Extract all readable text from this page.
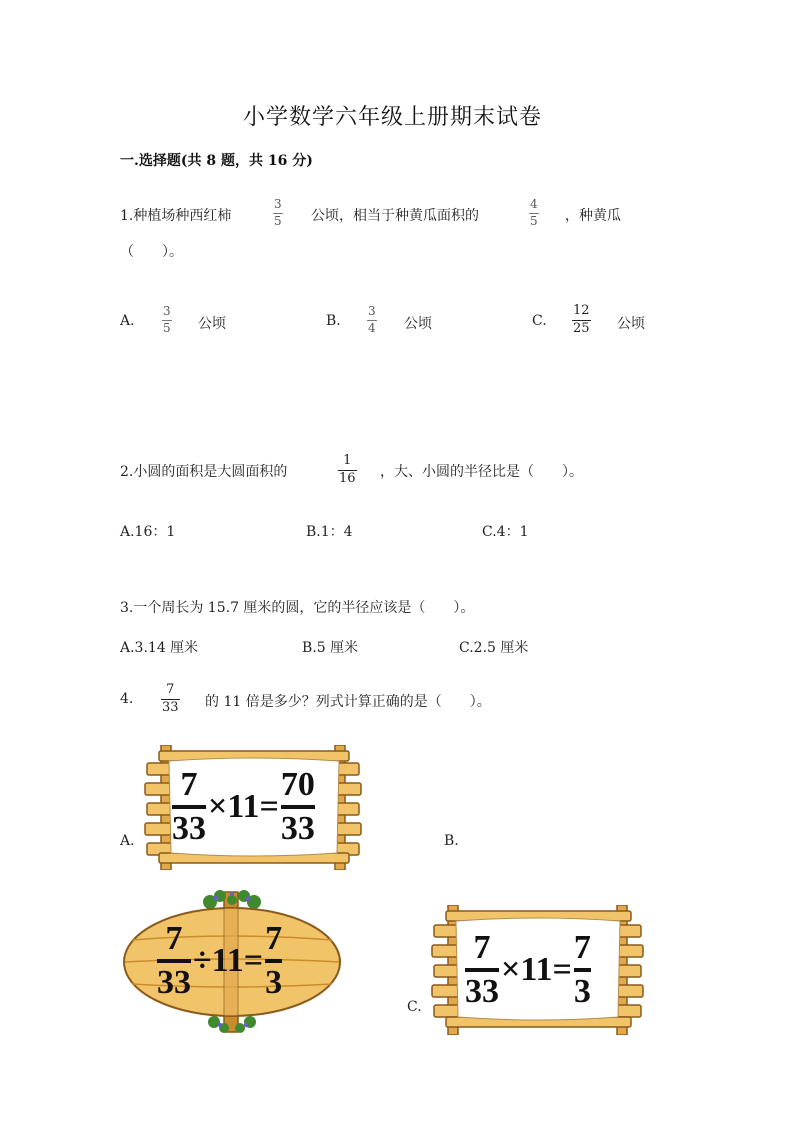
小学数学六年级上册期末试卷
一.选择题(共 8 题，共 16 分)
1.种植场种西红柿
3
5 公顷，相当于种黄瓜面积的
4
5 ，种黄瓜
（　　）。
A.
3
5 公顷	B.
3
4 公顷	C.
12
25 公顷
2.小圆的面积是大圆面积的
1
16 ，大、小圆的半径比是（　　）。
A.16：1	B.1：4	C.4：1
3.一个周长为 15.7 厘米的圆，它的半径应该是（　　）。
A.3.14 厘米	B.5 厘米	C.2.5 厘米
4.
7
33 的 11 倍是多少？列式计算正确的是（　　）。
7
33
×11=
70
33
A.	B.
7
33
÷11=
7
3
7
33
×11=
7
3
C.
